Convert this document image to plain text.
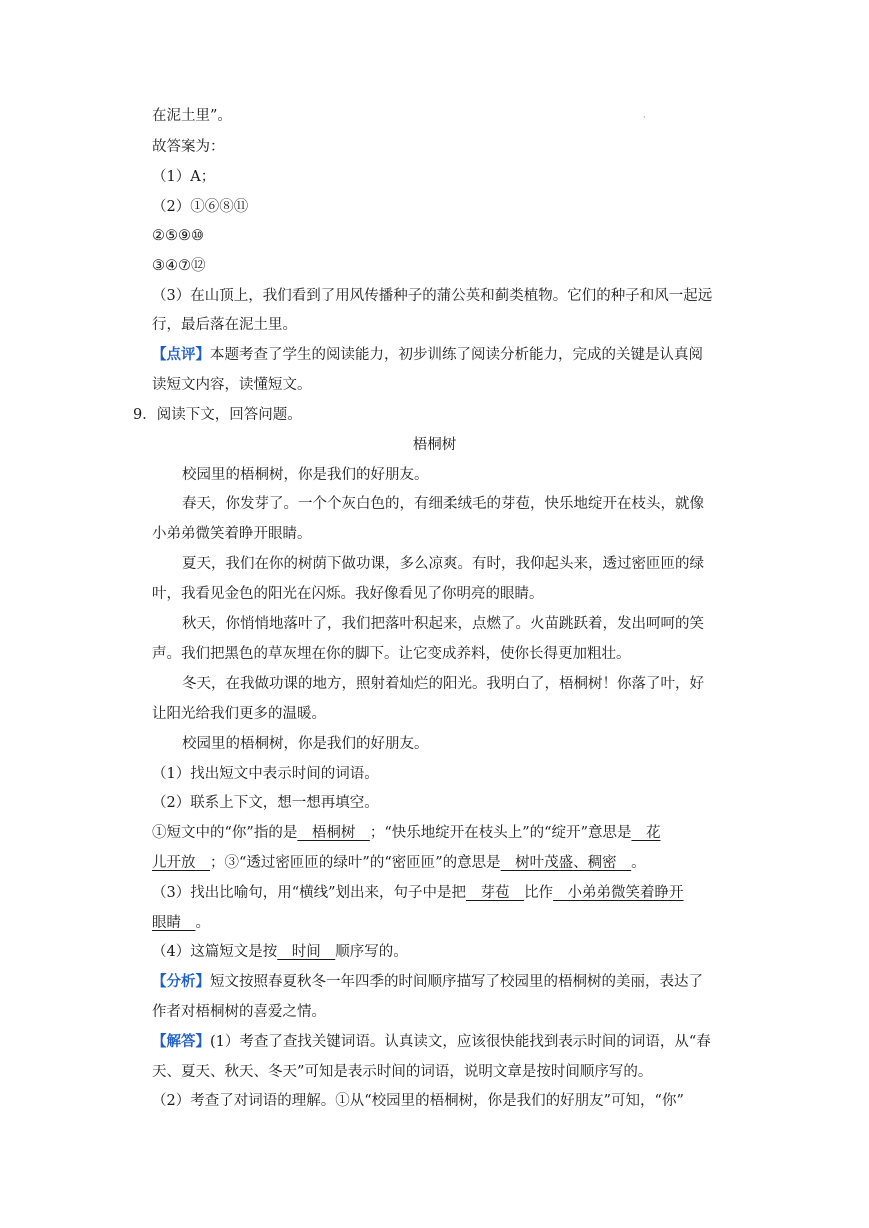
·
在泥土里”。
故答案为：
（1）A；
（2）①⑥⑧⑪
②⑤⑨⑩
③④⑦⑫
（3）在山顶上，我们看到了用风传播种子的蒲公英和蓟类植物。它们的种子和风一起远
行，最后落在泥土里。
【点评】本题考查了学生的阅读能力，初步训练了阅读分析能力，完成的关键是认真阅
读短文内容，读懂短文。
9．阅读下文，回答问题。
梧桐树
校园里的梧桐树，你是我们的好朋友。
春天，你发芽了。一个个灰白色的，有细柔绒毛的芽苞，快乐地绽开在枝头，就像
小弟弟微笑着睁开眼睛。
夏天，我们在你的树荫下做功课，多么凉爽。有时，我仰起头来，透过密匝匝的绿
叶，我看见金色的阳光在闪烁。我好像看见了你明亮的眼睛。
秋天，你悄悄地落叶了，我们把落叶积起来，点燃了。火苗跳跃着，发出呵呵的笑
声。我们把黑色的草灰埋在你的脚下。让它变成养料，使你长得更加粗壮。
冬天，在我做功课的地方，照射着灿烂的阳光。我明白了，梧桐树！你落了叶，好
让阳光给我们更多的温暖。
校园里的梧桐树，你是我们的好朋友。
（1）找出短文中表示时间的词语。
（2）联系上下文，想一想再填空。
①短文中的“你”指的是　梧桐树　；“快乐地绽开在枝头上”的“绽开”意思是　花
儿开放　；③“透过密匝匝的绿叶”的“密匝匝”的意思是　树叶茂盛、稠密　。
（3）找出比喻句，用“横线”划出来，句子中是把　芽苞　比作　小弟弟微笑着睁开
眼睛　。
（4）这篇短文是按　时间　顺序写的。
【分析】短文按照春夏秋冬一年四季的时间顺序描写了校园里的梧桐树的美丽，表达了
作者对梧桐树的喜爱之情。
【解答】(1）考查了查找关键词语。认真读文，应该很快能找到表示时间的词语，从“春
天、夏天、秋天、冬天”可知是表示时间的词语，说明文章是按时间顺序写的。
（2）考查了对词语的理解。①从“校园里的梧桐树，你是我们的好朋友”可知，“你”
